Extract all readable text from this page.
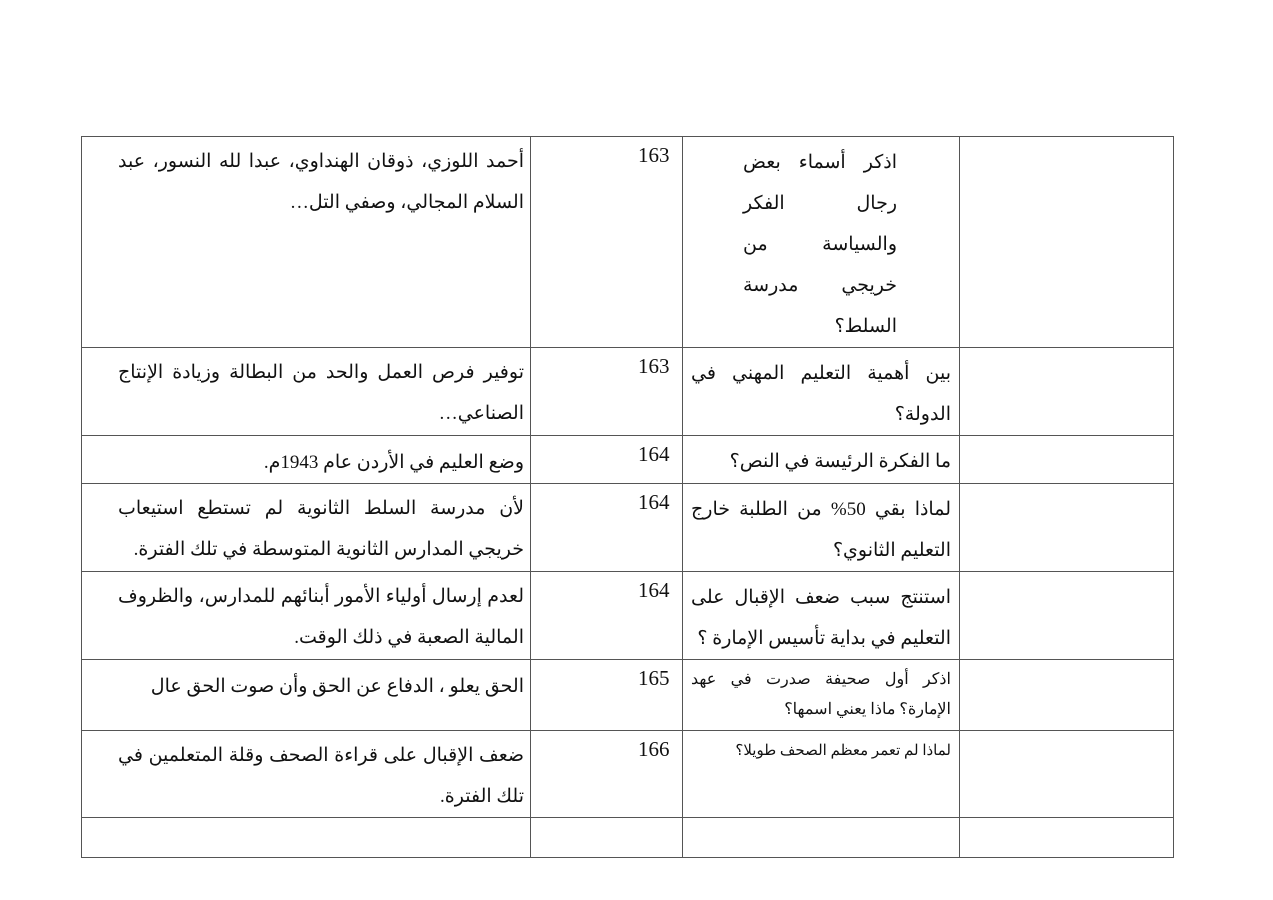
	اذكر أسماء بعض رجال الفكر والسياسة من خريجي مدرسة السلط؟	163	أحمد اللوزي، ذوقان الهنداوي، عبدا لله النسور، عبد السلام المجالي، وصفي التل…

	بين أهمية التعليم المهني في الدولة؟	163	توفير فرص العمل والحد من البطالة وزيادة الإنتاج الصناعي…

	ما الفكرة الرئيسة في النص؟	164	وضع العليم في الأردن عام 1943م.

	لماذا بقي 50% من الطلبة خارج التعليم الثانوي؟	164	لأن مدرسة السلط الثانوية لم تستطع استيعاب خريجي المدارس الثانوية المتوسطة في تلك الفترة.

	استنتج سبب ضعف الإقبال على التعليم في بداية تأسيس الإمارة ؟	164	لعدم إرسال أولياء الأمور أبنائهم للمدارس، والظروف المالية الصعبة في ذلك الوقت.

	اذكر أول صحيفة صدرت في عهد الإمارة؟ ماذا يعني اسمها؟	165	الحق يعلو ، الدفاع عن الحق وأن صوت الحق عال

	لماذا لم تعمر معظم الصحف طويلا؟	166	ضعف الإقبال على قراءة الصحف وقلة المتعلمين في تلك الفترة.
